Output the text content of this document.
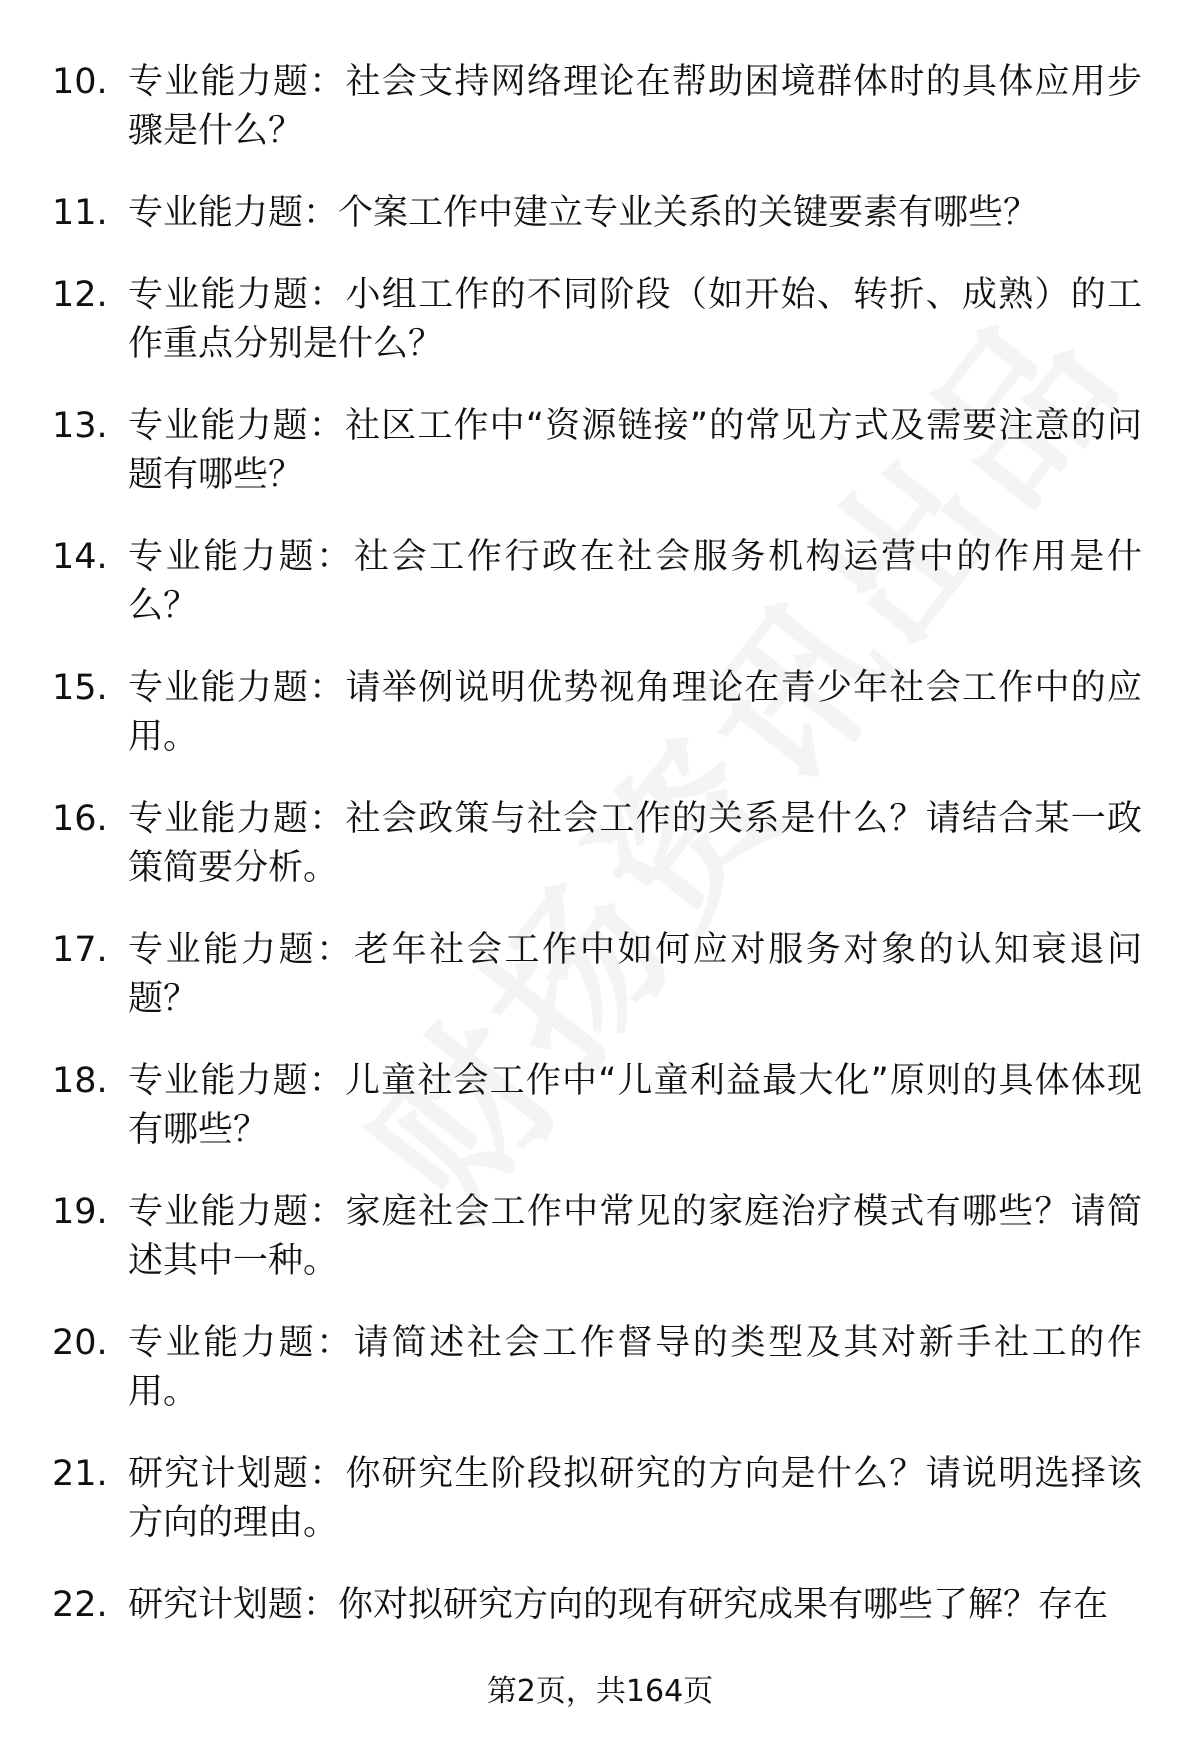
10. 专业能力题：社会支持网络理论在帮助困境群体时的具体应用步骤是什么？
11. 专业能力题：个案工作中建立专业关系的关键要素有哪些？
12. 专业能力题：小组工作的不同阶段（如开始、转折、成熟）的工作重点分别是什么？
13. 专业能力题：社区工作中“资源链接”的常见方式及需要注意的问题有哪些？
14. 专业能力题：社会工作行政在社会服务机构运营中的作用是什么？
15. 专业能力题：请举例说明优势视角理论在青少年社会工作中的应用。
16. 专业能力题：社会政策与社会工作的关系是什么？请结合某一政策简要分析。
17. 专业能力题：老年社会工作中如何应对服务对象的认知衰退问题？
18. 专业能力题：儿童社会工作中“儿童利益最大化”原则的具体体现有哪些？
19. 专业能力题：家庭社会工作中常见的家庭治疗模式有哪些？请简述其中一种。
20. 专业能力题：请简述社会工作督导的类型及其对新手社工的作用。
21. 研究计划题：你研究生阶段拟研究的方向是什么？请说明选择该方向的理由。
22. 研究计划题：你对拟研究方向的现有研究成果有哪些了解？存在
第2页，共164页
